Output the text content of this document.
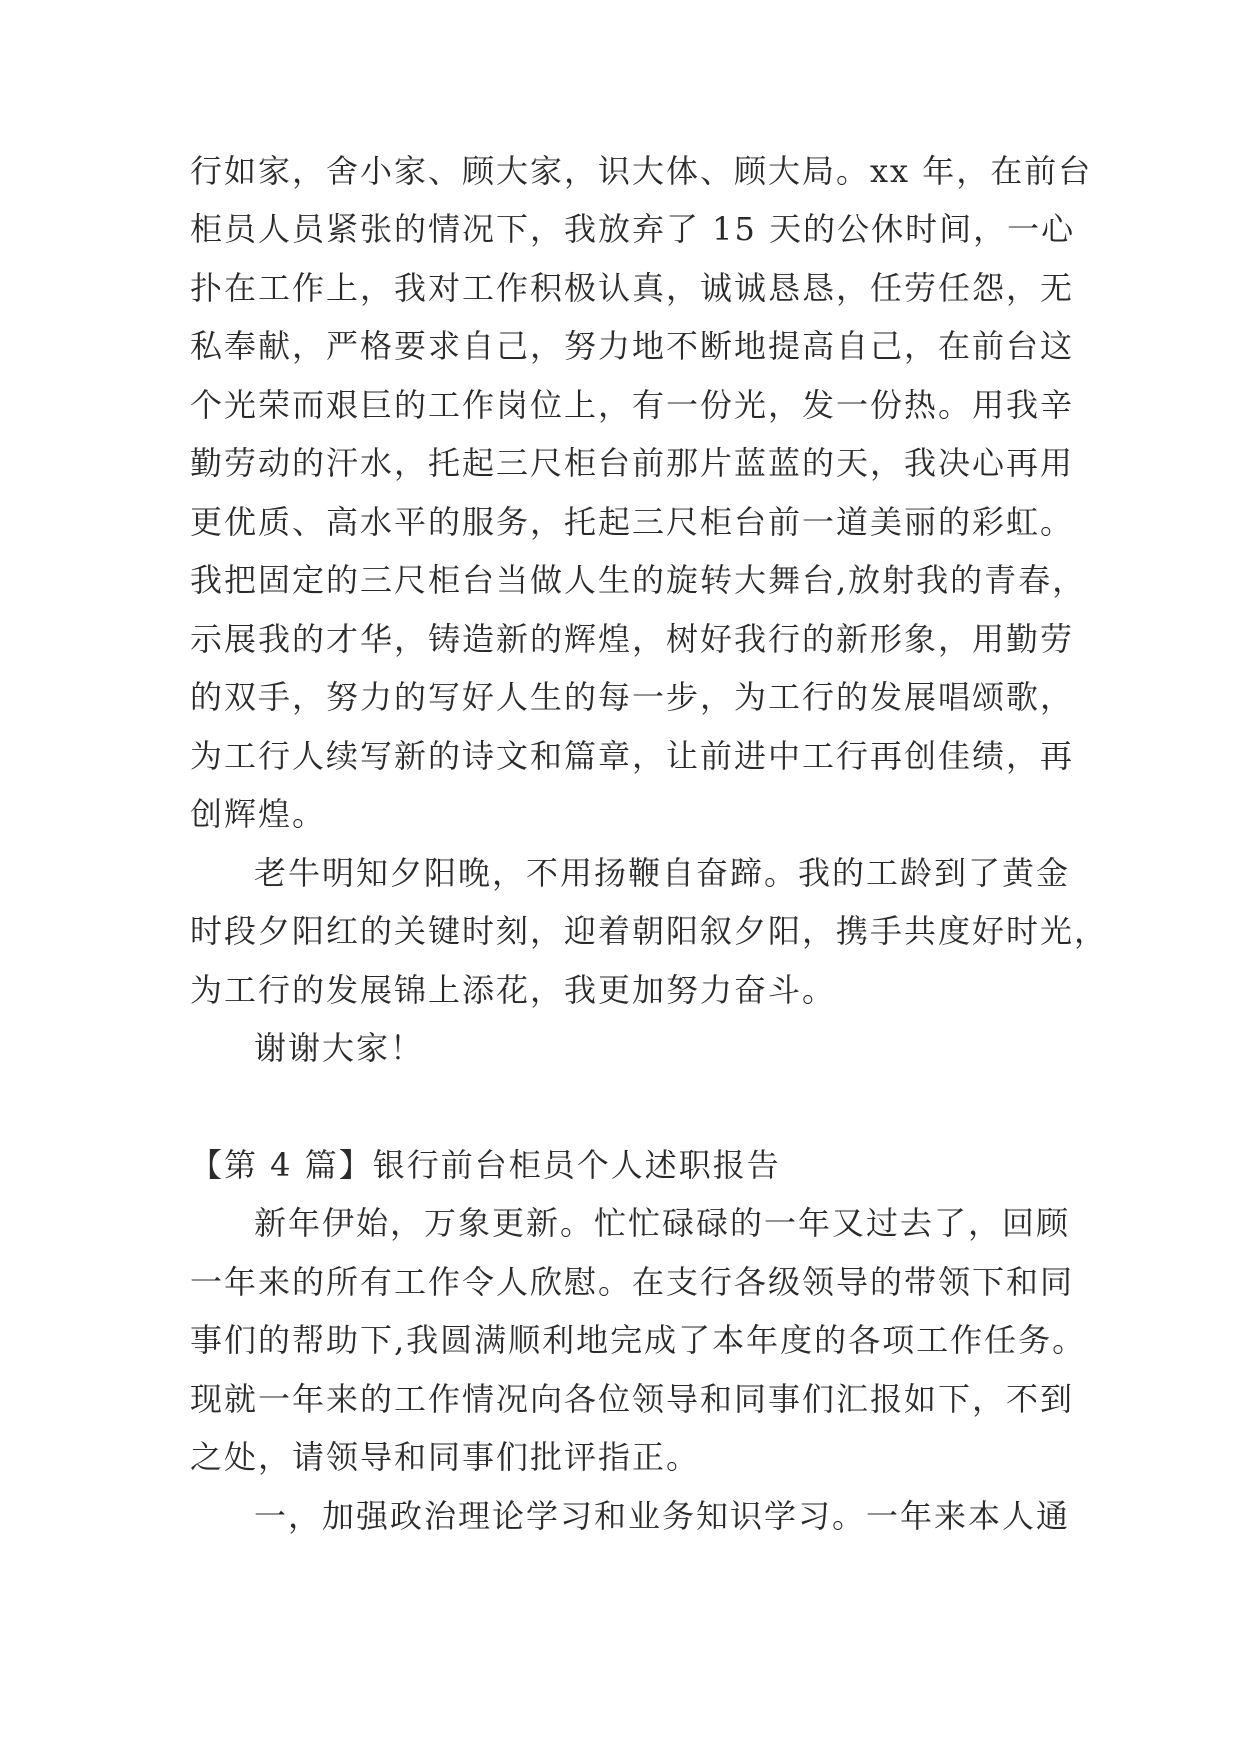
行如家，舍小家、顾大家，识大体、顾大局。xx 年，在前台
柜员人员紧张的情况下，我放弃了 15 天的公休时间，一心
扑在工作上，我对工作积极认真，诚诚恳恳，任劳任怨，无
私奉献，严格要求自己，努力地不断地提高自己，在前台这
个光荣而艰巨的工作岗位上，有一份光，发一份热。用我辛
勤劳动的汗水，托起三尺柜台前那片蓝蓝的天，我决心再用
更优质、高水平的服务，托起三尺柜台前一道美丽的彩虹。
我把固定的三尺柜台当做人生的旋转大舞台,放射我的青春，
示展我的才华，铸造新的辉煌，树好我行的新形象，用勤劳
的双手，努力的写好人生的每一步，为工行的发展唱颂歌，
为工行人续写新的诗文和篇章，让前进中工行再创佳绩，再
创辉煌。
老牛明知夕阳晚，不用扬鞭自奋蹄。我的工龄到了黄金
时段夕阳红的关键时刻，迎着朝阳叙夕阳，携手共度好时光，
为工行的发展锦上添花，我更加努力奋斗。
谢谢大家！
【第 4 篇】银行前台柜员个人述职报告
新年伊始，万象更新。忙忙碌碌的一年又过去了，回顾
一年来的所有工作令人欣慰。在支行各级领导的带领下和同
事们的帮助下,我圆满顺利地完成了本年度的各项工作任务。
现就一年来的工作情况向各位领导和同事们汇报如下，不到
之处，请领导和同事们批评指正。
一，加强政治理论学习和业务知识学习。一年来本人通
